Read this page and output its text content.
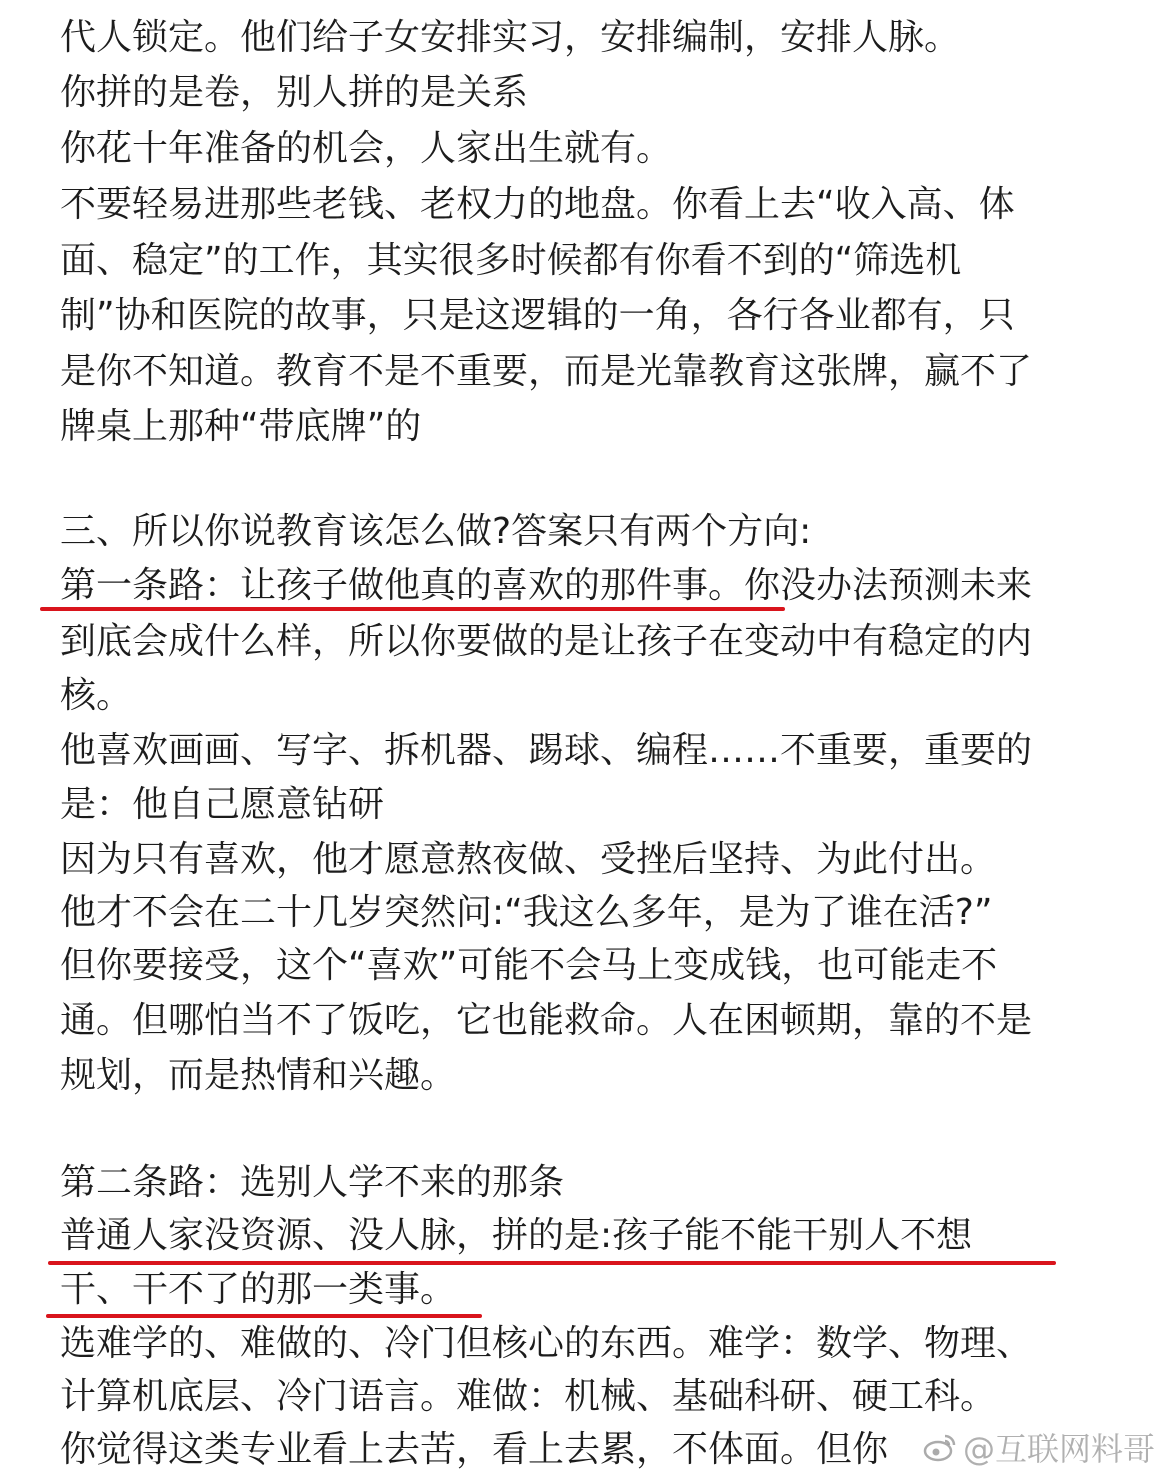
代人锁定。他们给子女安排实习，安排编制，安排人脉。
你拼的是卷，别人拼的是关系
你花十年准备的机会，人家出生就有。
不要轻易进那些老钱、老权力的地盘。你看上去“收入高、体
面、稳定”的工作，其实很多时候都有你看不到的“筛选机
制”协和医院的故事，只是这逻辑的一角，各行各业都有，只
是你不知道。教育不是不重要，而是光靠教育这张牌，赢不了
牌桌上那种“带底牌”的
三、所以你说教育该怎么做?答案只有两个方向:
第一条路：让孩子做他真的喜欢的那件事。你没办法预测未来
到底会成什么样，所以你要做的是让孩子在变动中有稳定的内
核。
他喜欢画画、写字、拆机器、踢球、编程……不重要，重要的
是：他自己愿意钻研
因为只有喜欢，他才愿意熬夜做、受挫后坚持、为此付出。
他才不会在二十几岁突然问:“我这么多年，是为了谁在活?”
但你要接受，这个“喜欢”可能不会马上变成钱，也可能走不
通。但哪怕当不了饭吃，它也能救命。人在困顿期，靠的不是
规划，而是热情和兴趣。
第二条路：选别人学不来的那条
普通人家没资源、没人脉，拼的是:孩子能不能干别人不想
干、干不了的那一类事。
选难学的、难做的、冷门但核心的东西。难学：数学、物理、
计算机底层、冷门语言。难做：机械、基础科研、硬工科。
你觉得这类专业看上去苦，看上去累，不体面。但你 @互联网料哥
